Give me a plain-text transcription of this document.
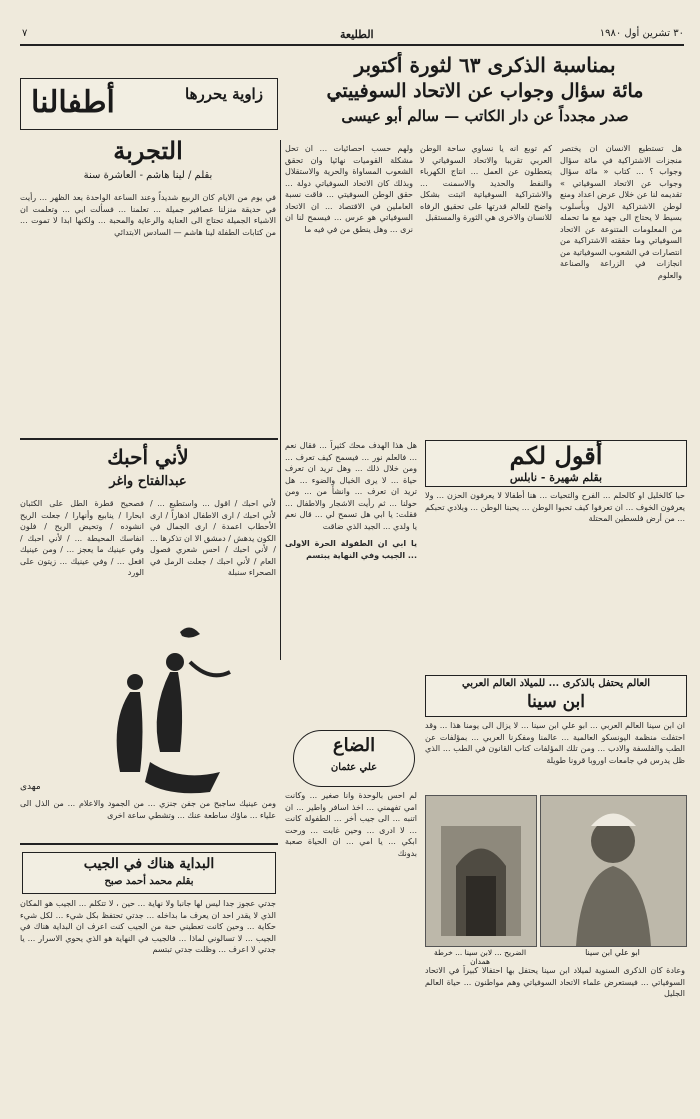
٣٠ تشرين أول ١٩٨٠
الطليعة
٧
بمناسبة الذكرى ٦٣ لثورة أكتوبر
مائة سؤال وجواب عن الاتحاد السوفييتي
صدر مجدداً عن دار الكاتب — سالم أبو عيسى

هل تستطيع الانسان ان يختصر منجزات الاشتراكية في مائة سؤال وجواب ؟ ... كتاب « مائة سؤال وجواب عن الاتحاد السوفياتي » تقديمه لنا عن خلال عرض اعداد ومنع لوطن الاشتراكية الاول وبأسلوب بسيط لا يحتاج الى جهد مع ما تحمله من المعلومات المتنوعة عن الاتحاد السوفياتي وما حققته الاشتراكية من انتصارات في الشعوب السوفياتية من انجازات في الزراعة والصناعة والعلوم

كم توبع انه يا نساوي ساحة الوطن العربي تقريبا والاتحاد السوفياتي لا يتعطلون عن العمل ... انتاج الكهرباء والنفط والحديد والاسمنت ... والاشتراكية السوفياتية اثبتت بشكل واضح للعالم قدرتها على تحقيق الرفاه للانسان والاخرى هي الثورة والمستقبل

ولهم حسب احصائيات ... ان تحل مشكلة القوميات نهائيا وان تحقق الشعوب المساواة والحرية والاستقلال وبذلك كان الاتحاد السوفياتي دولة ... حقق الوطن السوفيتي ... فاقت نسبة العاملين في الاقتصاد ... ان الاتحاد السوفياتي هو عرس ... فيسمح لنا ان نرى ... وهل ينطق من في فيه ما

زاوية يحررها
أطفالنا
التجربة
بقلم / لينا هاشم - العاشرة سنة

في يوم من الايام كان الربيع شديداً وعند الساعة الواحدة بعد الظهر ... رأيت في حديقة منزلنا عصافير جميلة ... تعلمنا ... فسألت ابي ... وتعلمت ان الاشياء الجميلة تحتاج الى العناية والرعاية والمحبة ... ولكنها ابدا لا تموت ... من كتابات الطفلة لينا هاشم — السادس الابتدائي

لأني أحبك
عبدالفتاح واغر

لأني احبك / اقول ... واستطيع ... / لأني احبك / ارى الاطفال اذهاراً / ارى الأحطاب اعمدة / ارى الجمال في الكون يدهش / دمشق الا ان تذكرها ... / لأني احبك / احس شعري فصول العام / لأني احبك / جعلت الرمل في الصحراء سنبلة

فصحيح قطرة الطل على الكثبان ابحارا / ينابيع وأنهارا / جعلت الريح انشوده / وتحيض الريح / فلون انفاسك المحيطة ... / لأني احبك / وفي عينيك ما يعجز ... / ومن عينيك افعل ... / وفي عينيك ... زيتون على الورد

مهدى

ومن عينيك ساجبح من جفن جنزي ... من الجمود والاعلام ... من الذل الى علياء ... ماؤك ساطعة عنك ... وتشطي ساعة اخرى

أقول لكم
بقلم شهيرة - نابلس

حبا كالخليل او كالحلم ... الفرح والتحيات ... هنا أطفالا لا يعرفون الحزن ... ولا يعرفون الخوف ... ان تعرفوا كيف تحبوا الوطن ... يحبنا الوطن ... وبلادي تحبكم ... من أرض فلسطين المحتلة

هل هذا الهدف محك كثيراً ... فقال نعم ... فالعلم نور ... فيسمح كيف تعرف ... ومن خلال ذلك ... وهل تريد ان تعرف حياة ... لا يرى الخيال والضوء ... هل تريد ان تعرف ... وانشأ من ... ومن حولنا ... ثم رأيت الاشجار والاطفال ... فقلت: يا ابي هل تسمح لي ... قال نعم يا ولدي ... الجيد الذي ضاقت

يا ابي ان الطفولة الحرة الاولى ... الجيب وفي النهاية يبتسم

العالم يحتفل بالذكرى ... للميلاد العالم العربي
ابن سينا

ان ابن سينا العالم العربي ... ابو علي ابن سينا ... لا يزال الى يومنا هذا ... وقد احتفلت منظمة اليونسكو العالمية ... عالمنا ومفكرنا العربي ... بمؤلفات عن الطب والفلسفة والادب ... ومن تلك المؤلفات كتاب القانون في الطب ... الذي ظل يدرس في جامعات اوروبا قرونا طويلة

الضريح ... لابن سينا ... خرطة همدان
ابو علي ابن سينا

وعادة كان الذكرى السنوية لميلاد ابن سينا يحتفل بها احتفالا كبيراً في الاتحاد السوفياتي ... فيستعرض علماء الاتحاد السوفياتي وهم مواطنون ... حياة العالم الجليل

الضاع
علي عثمان

لم احس بالوحدة وانا صغير ... وكانت امي تفهمني ... اخذ اسافر واطير ... ان اتنبه ... الى جيب أخر ... الطفولة كانت ... لا ادرى ... وحين غابت ... ورحت ابكي ... يا امي ... ان الحياة صعبة بدونك

البداية هناك في الجيب
بقلم محمد أحمد صبح

جدتي عجوز جدا ليس لها جانبا ولا نهاية ... حين ، لا تتكلم ... الجيب هو المكان الذي لا يقدر احد ان يعرف ما بداخله ... جدتي تحتفظ بكل شيء ... لكل شيء حكاية ... وحين كانت تعطيني حبة من الجيب كنت اعرف ان البداية هناك في الجيب ... لا تسالوني لماذا ... فالجيب في النهاية هو الذي يحوي الاسرار ... يا جدتي لا اعرف ... وظلت جدتي تبتسم
